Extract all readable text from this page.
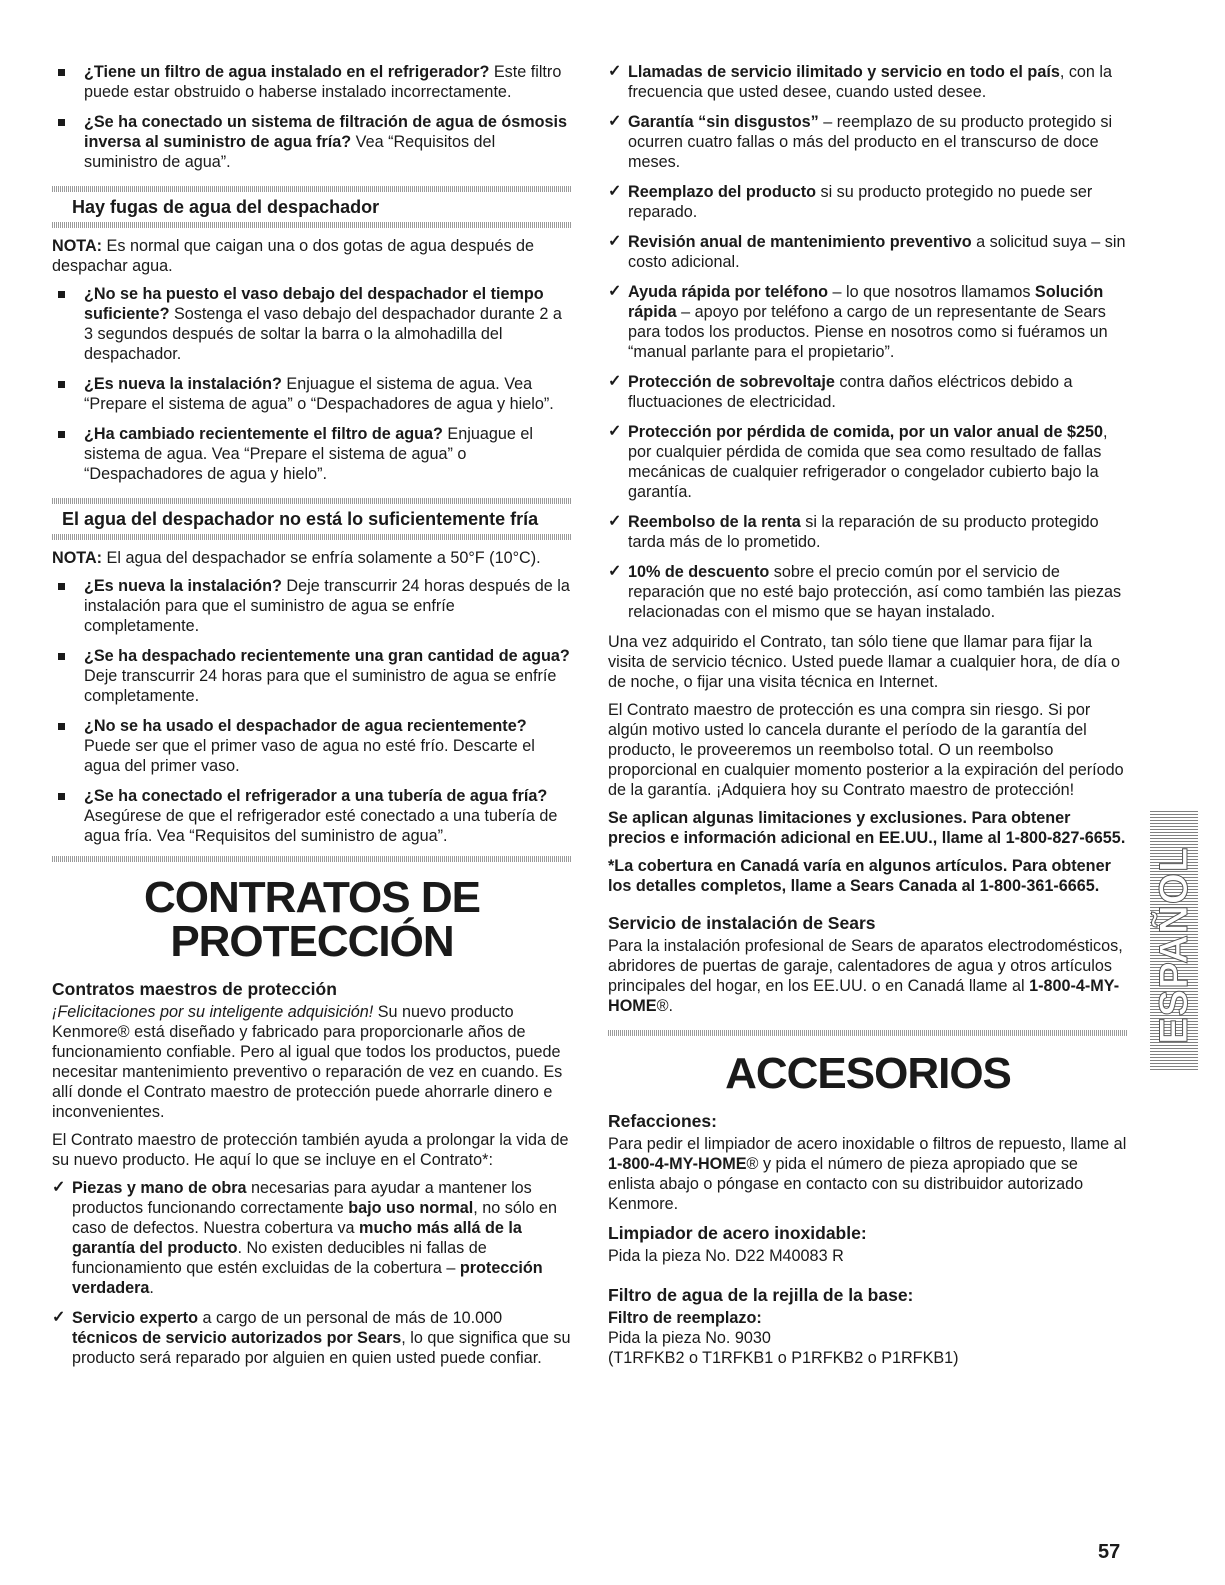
¿Tiene un filtro de agua instalado en el refrigerador? Este filtro puede estar obstruido o haberse instalado incorrectamente.
¿Se ha conectado un sistema de filtración de agua de ósmosis inversa al suministro de agua fría? Vea “Requisitos del suministro de agua”.
Hay fugas de agua del despachador

NOTA: Es normal que caigan una o dos gotas de agua después de despachar agua.

¿No se ha puesto el vaso debajo del despachador el tiempo suficiente? Sostenga el vaso debajo del despachador durante 2 a 3 segundos después de soltar la barra o la almohadilla del despachador.
¿Es nueva la instalación? Enjuague el sistema de agua. Vea “Prepare el sistema de agua” o “Despachadores de agua y hielo”.
¿Ha cambiado recientemente el filtro de agua? Enjuague el sistema de agua. Vea “Prepare el sistema de agua” o “Despachadores de agua y hielo”.
El agua del despachador no está lo suficientemente fría

NOTA: El agua del despachador se enfría solamente a 50°F (10°C).

¿Es nueva la instalación? Deje transcurrir 24 horas después de la instalación para que el suministro de agua se enfríe completamente.
¿Se ha despachado recientemente una gran cantidad de agua? Deje transcurrir 24 horas para que el suministro de agua se enfríe completamente.
¿No se ha usado el despachador de agua recientemente? Puede ser que el primer vaso de agua no esté frío. Descarte el agua del primer vaso.
¿Se ha conectado el refrigerador a una tubería de agua fría? Asegúrese de que el refrigerador esté conectado a una tubería de agua fría. Vea “Requisitos del suministro de agua”.
CONTRATOS DE
PROTECCIÓN
Contratos maestros de protección

¡Felicitaciones por su inteligente adquisición! Su nuevo producto Kenmore® está diseñado y fabricado para proporcionarle años de funcionamiento confiable. Pero al igual que todos los productos, puede necesitar mantenimiento preventivo o reparación de vez en cuando. Es allí donde el Contrato maestro de protección puede ahorrarle dinero e inconvenientes.

El Contrato maestro de protección también ayuda a prolongar la vida de su nuevo producto. He aquí lo que se incluye en el Contrato*:

✓ Piezas y mano de obra necesarias para ayudar a mantener los productos funcionando correctamente bajo uso normal, no sólo en caso de defectos. Nuestra cobertura va mucho más allá de la garantía del producto. No existen deducibles ni fallas de funcionamiento que estén excluidas de la cobertura – protección verdadera.
✓ Servicio experto a cargo de un personal de más de 10.000 técnicos de servicio autorizados por Sears, lo que significa que su producto será reparado por alguien en quien usted puede confiar.
✓ Llamadas de servicio ilimitado y servicio en todo el país, con la frecuencia que usted desee, cuando usted desee.
✓ Garantía “sin disgustos” – reemplazo de su producto protegido si ocurren cuatro fallas o más del producto en el transcurso de doce meses.
✓ Reemplazo del producto si su producto protegido no puede ser reparado.
✓ Revisión anual de mantenimiento preventivo a solicitud suya – sin costo adicional.
✓ Ayuda rápida por teléfono – lo que nosotros llamamos Solución rápida – apoyo por teléfono a cargo de un representante de Sears para todos los productos. Piense en nosotros como si fuéramos un “manual parlante para el propietario”.
✓ Protección de sobrevoltaje contra daños eléctricos debido a fluctuaciones de electricidad.
✓ Protección por pérdida de comida, por un valor anual de $250, por cualquier pérdida de comida que sea como resultado de fallas mecánicas de cualquier refrigerador o congelador cubierto bajo la garantía.
✓ Reembolso de la renta si la reparación de su producto protegido tarda más de lo prometido.
✓ 10% de descuento sobre el precio común por el servicio de reparación que no esté bajo protección, así como también las piezas relacionadas con el mismo que se hayan instalado.

Una vez adquirido el Contrato, tan sólo tiene que llamar para fijar la visita de servicio técnico. Usted puede llamar a cualquier hora, de día o de noche, o fijar una visita técnica en Internet.

El Contrato maestro de protección es una compra sin riesgo. Si por algún motivo usted lo cancela durante el período de la garantía del producto, le proveeremos un reembolso total. O un reembolso proporcional en cualquier momento posterior a la expiración del período de la garantía. ¡Adquiera hoy su Contrato maestro de protección!

Se aplican algunas limitaciones y exclusiones. Para obtener precios e información adicional en EE.UU., llame al 1-800-827-6655.

*La cobertura en Canadá varía en algunos artículos. Para obtener los detalles completos, llame a Sears Canada al 1-800-361-6665.

Servicio de instalación de Sears

Para la instalación profesional de Sears de aparatos electrodomésticos, abridores de puertas de garaje, calentadores de agua y otros artículos principales del hogar, en los EE.UU. o en Canadá llame al 1-800-4-MY-HOME®.

ACCESORIOS
Refacciones:

Para pedir el limpiador de acero inoxidable o filtros de repuesto, llame al 1-800-4-MY-HOME® y pida el número de pieza apropiado que se enlista abajo o póngase en contacto con su distribuidor autorizado Kenmore.

Limpiador de acero inoxidable:

Pida la pieza No. D22 M40083 R

Filtro de agua de la rejilla de la base:

Filtro de reemplazo:

Pida la pieza No. 9030

(T1RFKB2 o T1RFKB1 o P1RFKB2 o P1RFKB1)

ESPAÑOL
57
